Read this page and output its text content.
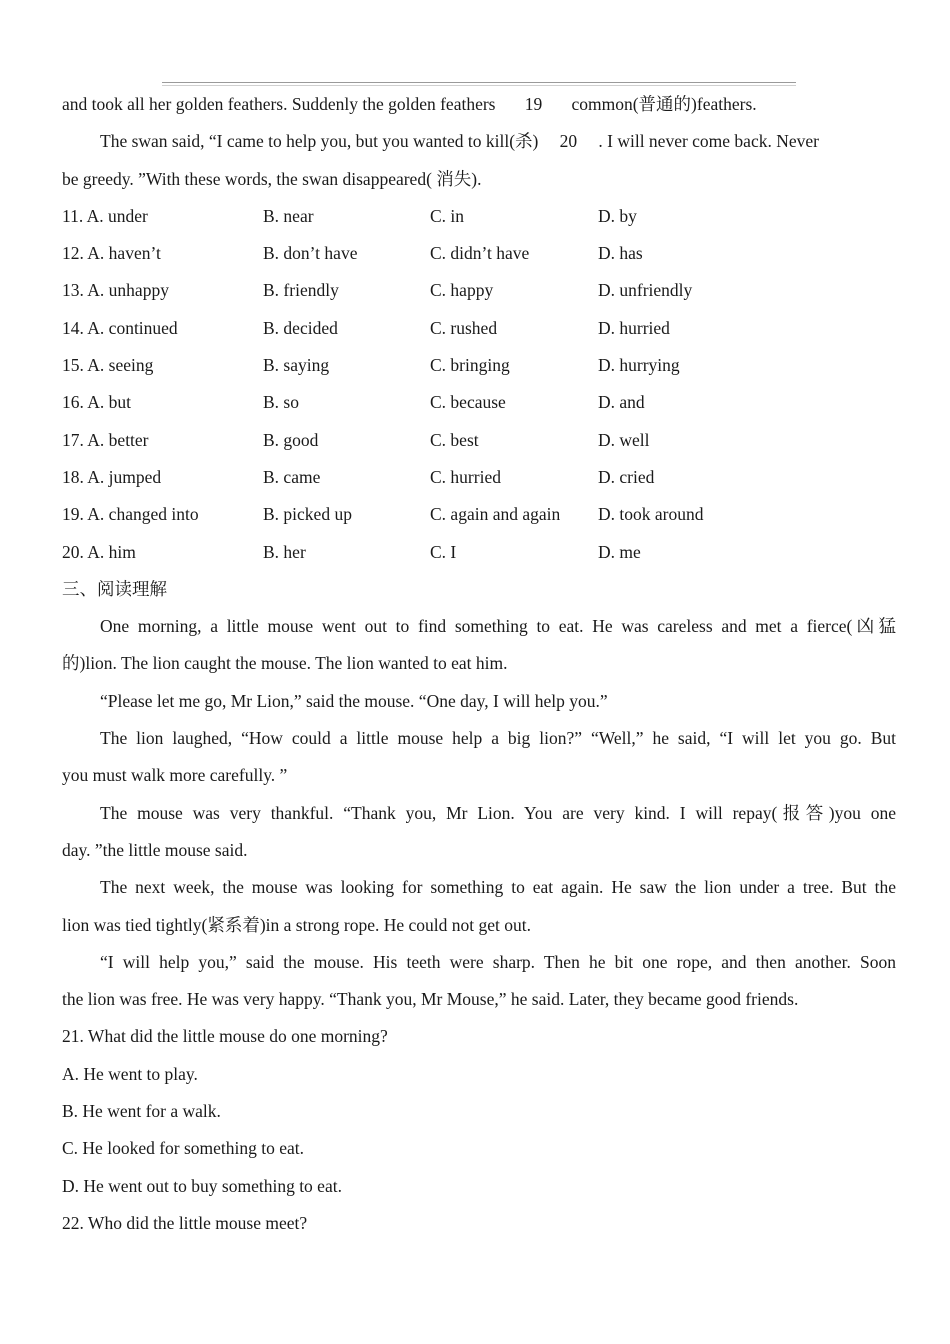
and took all her golden feathers. Suddenly the golden feathers 19 common(普通的)feathers.
The swan said, “I came to help you, but you wanted to kill(杀) 20 . I will never come back. Never
be greedy. ”With these words, the swan disappeared( 消失).
11. A. under	B. near	C. in	D. by
12. A. haven’t	B. don’t have	C. didn’t have	D. has
13. A. unhappy	B. friendly	C. happy	D. unfriendly
14. A. continued	B. decided	C. rushed	D. hurried
15. A. seeing	B. saying	C. bringing	D. hurrying
16. A. but	B. so	C. because	D. and
17. A. better	B. good	C. best	D. well
18. A. jumped	B. came	C. hurried	D. cried
19. A. changed into	B. picked up	C. again and again D. took around
20. A. him	B. her	C. I	D. me
三、阅读理解
One morning, a little mouse went out to find something to eat. He was careless and met a fierce(凶猛
的)lion. The lion caught the mouse. The lion wanted to eat him.
“Please let me go, Mr Lion,” said the mouse. “One day, I will help you.”
The lion laughed, “How could a little mouse help a big lion?” “Well,” he said, “I will let you go. But
you must walk more carefully. ”
The mouse was very thankful. “Thank you, Mr Lion. You are very kind. I will repay(报答)you one
day. ”the little mouse said.
The next week, the mouse was looking for something to eat again. He saw the lion under a tree. But the
lion was tied tightly(紧系着)in a strong rope. He could not get out.
“I will help you,” said the mouse. His teeth were sharp. Then he bit one rope, and then another. Soon
the lion was free. He was very happy. “Thank you, Mr Mouse,” he said. Later, they became good friends.
21. What did the little mouse do one morning?
A. He went to play.
B. He went for a walk.
C. He looked for something to eat.
D. He went out to buy something to eat.
22. Who did the little mouse meet?
